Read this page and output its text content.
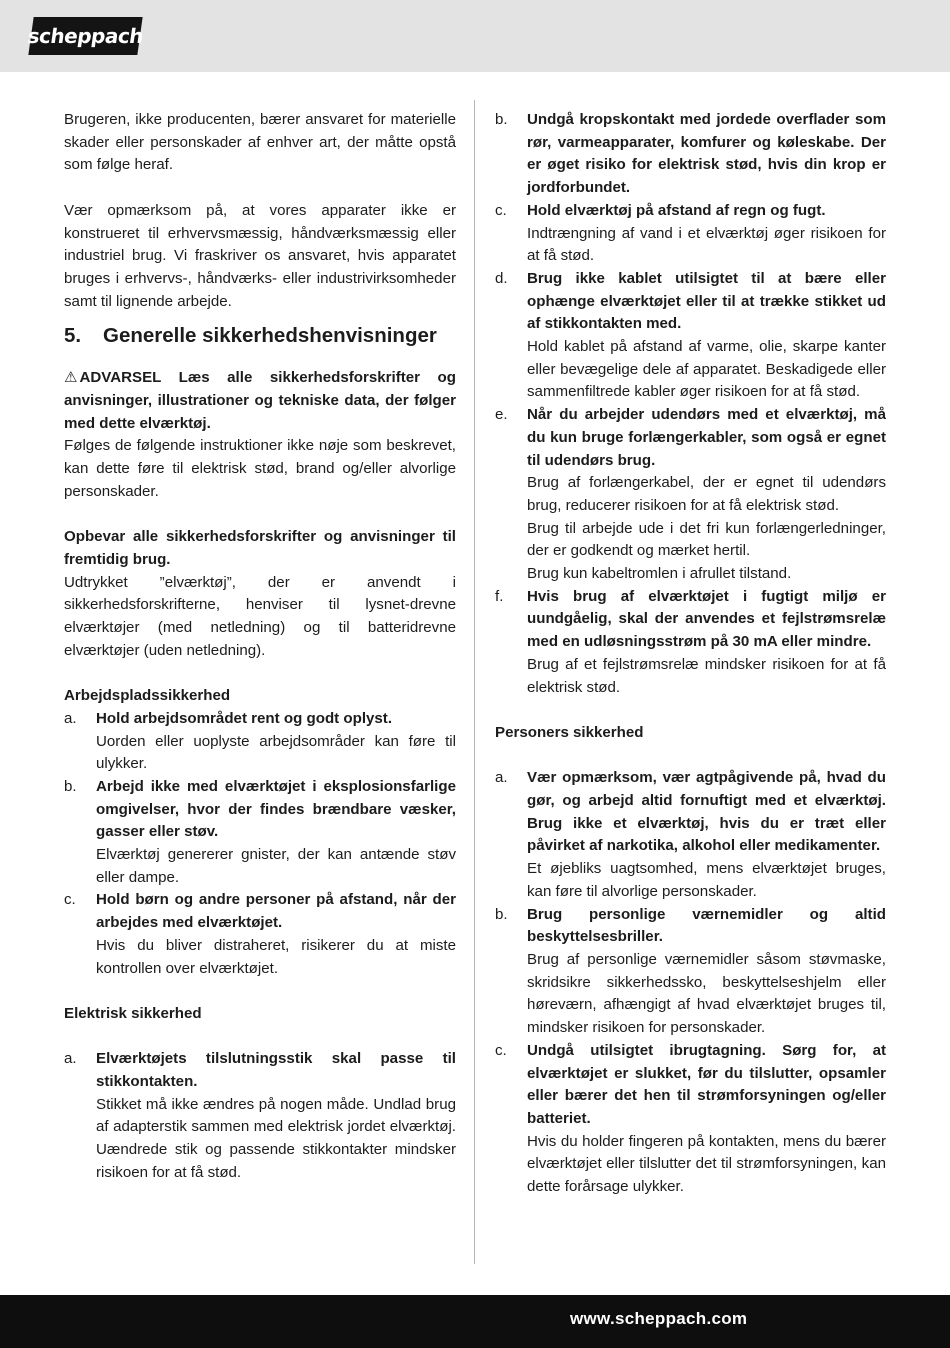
scheppach

Brugeren, ikke producenten, bærer ansvaret for materielle skader eller personskader af enhver art, der måtte opstå som følge heraf.

Vær opmærksom på, at vores apparater ikke er konstrueret til erhvervsmæssig, håndværksmæssig eller industriel brug. Vi fraskriver os ansvaret, hvis apparatet bruges i erhvervs-, håndværks- eller industrivirksomheder samt til lignende arbejde.

5. Generelle sikkerhedshenvisninger

⚠ ADVARSEL Læs alle sikkerhedsforskrifter og anvisninger, illustrationer og tekniske data, der følger med dette elværktøj.

Følges de følgende instruktioner ikke nøje som beskrevet, kan dette føre til elektrisk stød, brand og/eller alvorlige personskader.

Opbevar alle sikkerhedsforskrifter og anvisninger til fremtidig brug.

Udtrykket ”elværktøj”, der er anvendt i sikkerhedsforskrifterne, henviser til lysnet-drevne elværktøjer (med netledning) og til batteridrevne elværktøjer (uden netledning).

Arbejdspladssikkerhed

a.	Hold arbejdsområdet rent og godt oplyst.
Uorden eller uoplyste arbejdsområder kan føre til ulykker.
b.	Arbejd ikke med elværktøjet i eksplosionsfarlige omgivelser, hvor der findes brændbare væsker, gasser eller støv.
Elværktøj genererer gnister, der kan antænde støv eller dampe.
c.	Hold børn og andre personer på afstand, når der arbejdes med elværktøjet.
Hvis du bliver distraheret, risikerer du at miste kontrollen over elværktøjet.

Elektrisk sikkerhed

a.	Elværktøjets tilslutningsstik skal passe til stikkontakten.
Stikket må ikke ændres på nogen måde. Undlad brug af adapterstik sammen med elektrisk jordet elværktøj. Uændrede stik og passende stikkontakter mindsker risikoen for at få stød.
b.	Undgå kropskontakt med jordede overflader som rør, varmeapparater, komfurer og køleskabe. Der er øget risiko for elektrisk stød, hvis din krop er jordforbundet.
c.	Hold elværktøj på afstand af regn og fugt.
Indtrængning af vand i et elværktøj øger risikoen for at få stød.
d.	Brug ikke kablet utilsigtet til at bære eller ophænge elværktøjet eller til at trække stikket ud af stikkontakten med.
Hold kablet på afstand af varme, olie, skarpe kanter eller bevægelige dele af apparatet. Beskadigede eller sammenfiltrede kabler øger risikoen for at få stød.
e.	Når du arbejder udendørs med et elværktøj, må du kun bruge forlængerkabler, som også er egnet til udendørs brug.
Brug af forlængerkabel, der er egnet til udendørs brug, reducerer risikoen for at få elektrisk stød.
Brug til arbejde ude i det fri kun forlængerledninger, der er godkendt og mærket hertil.
Brug kun kabeltromlen i afrullet tilstand.
f.	Hvis brug af elværktøjet i fugtigt miljø er uundgåelig, skal der anvendes et fejlstrømsrelæ med en udløsningsstrøm på 30 mA eller mindre.
Brug af et fejlstrømsrelæ mindsker risikoen for at få elektrisk stød.

Personers sikkerhed

a.	Vær opmærksom, vær agtpågivende på, hvad du gør, og arbejd altid fornuftigt med et elværktøj. Brug ikke et elværktøj, hvis du er træt eller påvirket af narkotika, alkohol eller medikamenter.
Et øjebliks uagtsomhed, mens elværktøjet bruges, kan føre til alvorlige personskader.
b.	Brug personlige værnemidler og altid beskyttelsesbriller.
Brug af personlige værnemidler såsom støvmaske, skridsikre sikkerhedssko, beskyttelseshjelm eller høreværn, afhængigt af hvad elværktøjet bruges til, mindsker risikoen for personskader.
c.	Undgå utilsigtet ibrugtagning. Sørg for, at elværktøjet er slukket, før du tilslutter, opsamler eller bærer det hen til strømforsyningen og/eller batteriet.
Hvis du holder fingeren på kontakten, mens du bærer elværktøjet eller tilslutter det til strømforsyningen, kan dette forårsage ulykker.
www.scheppach.com
